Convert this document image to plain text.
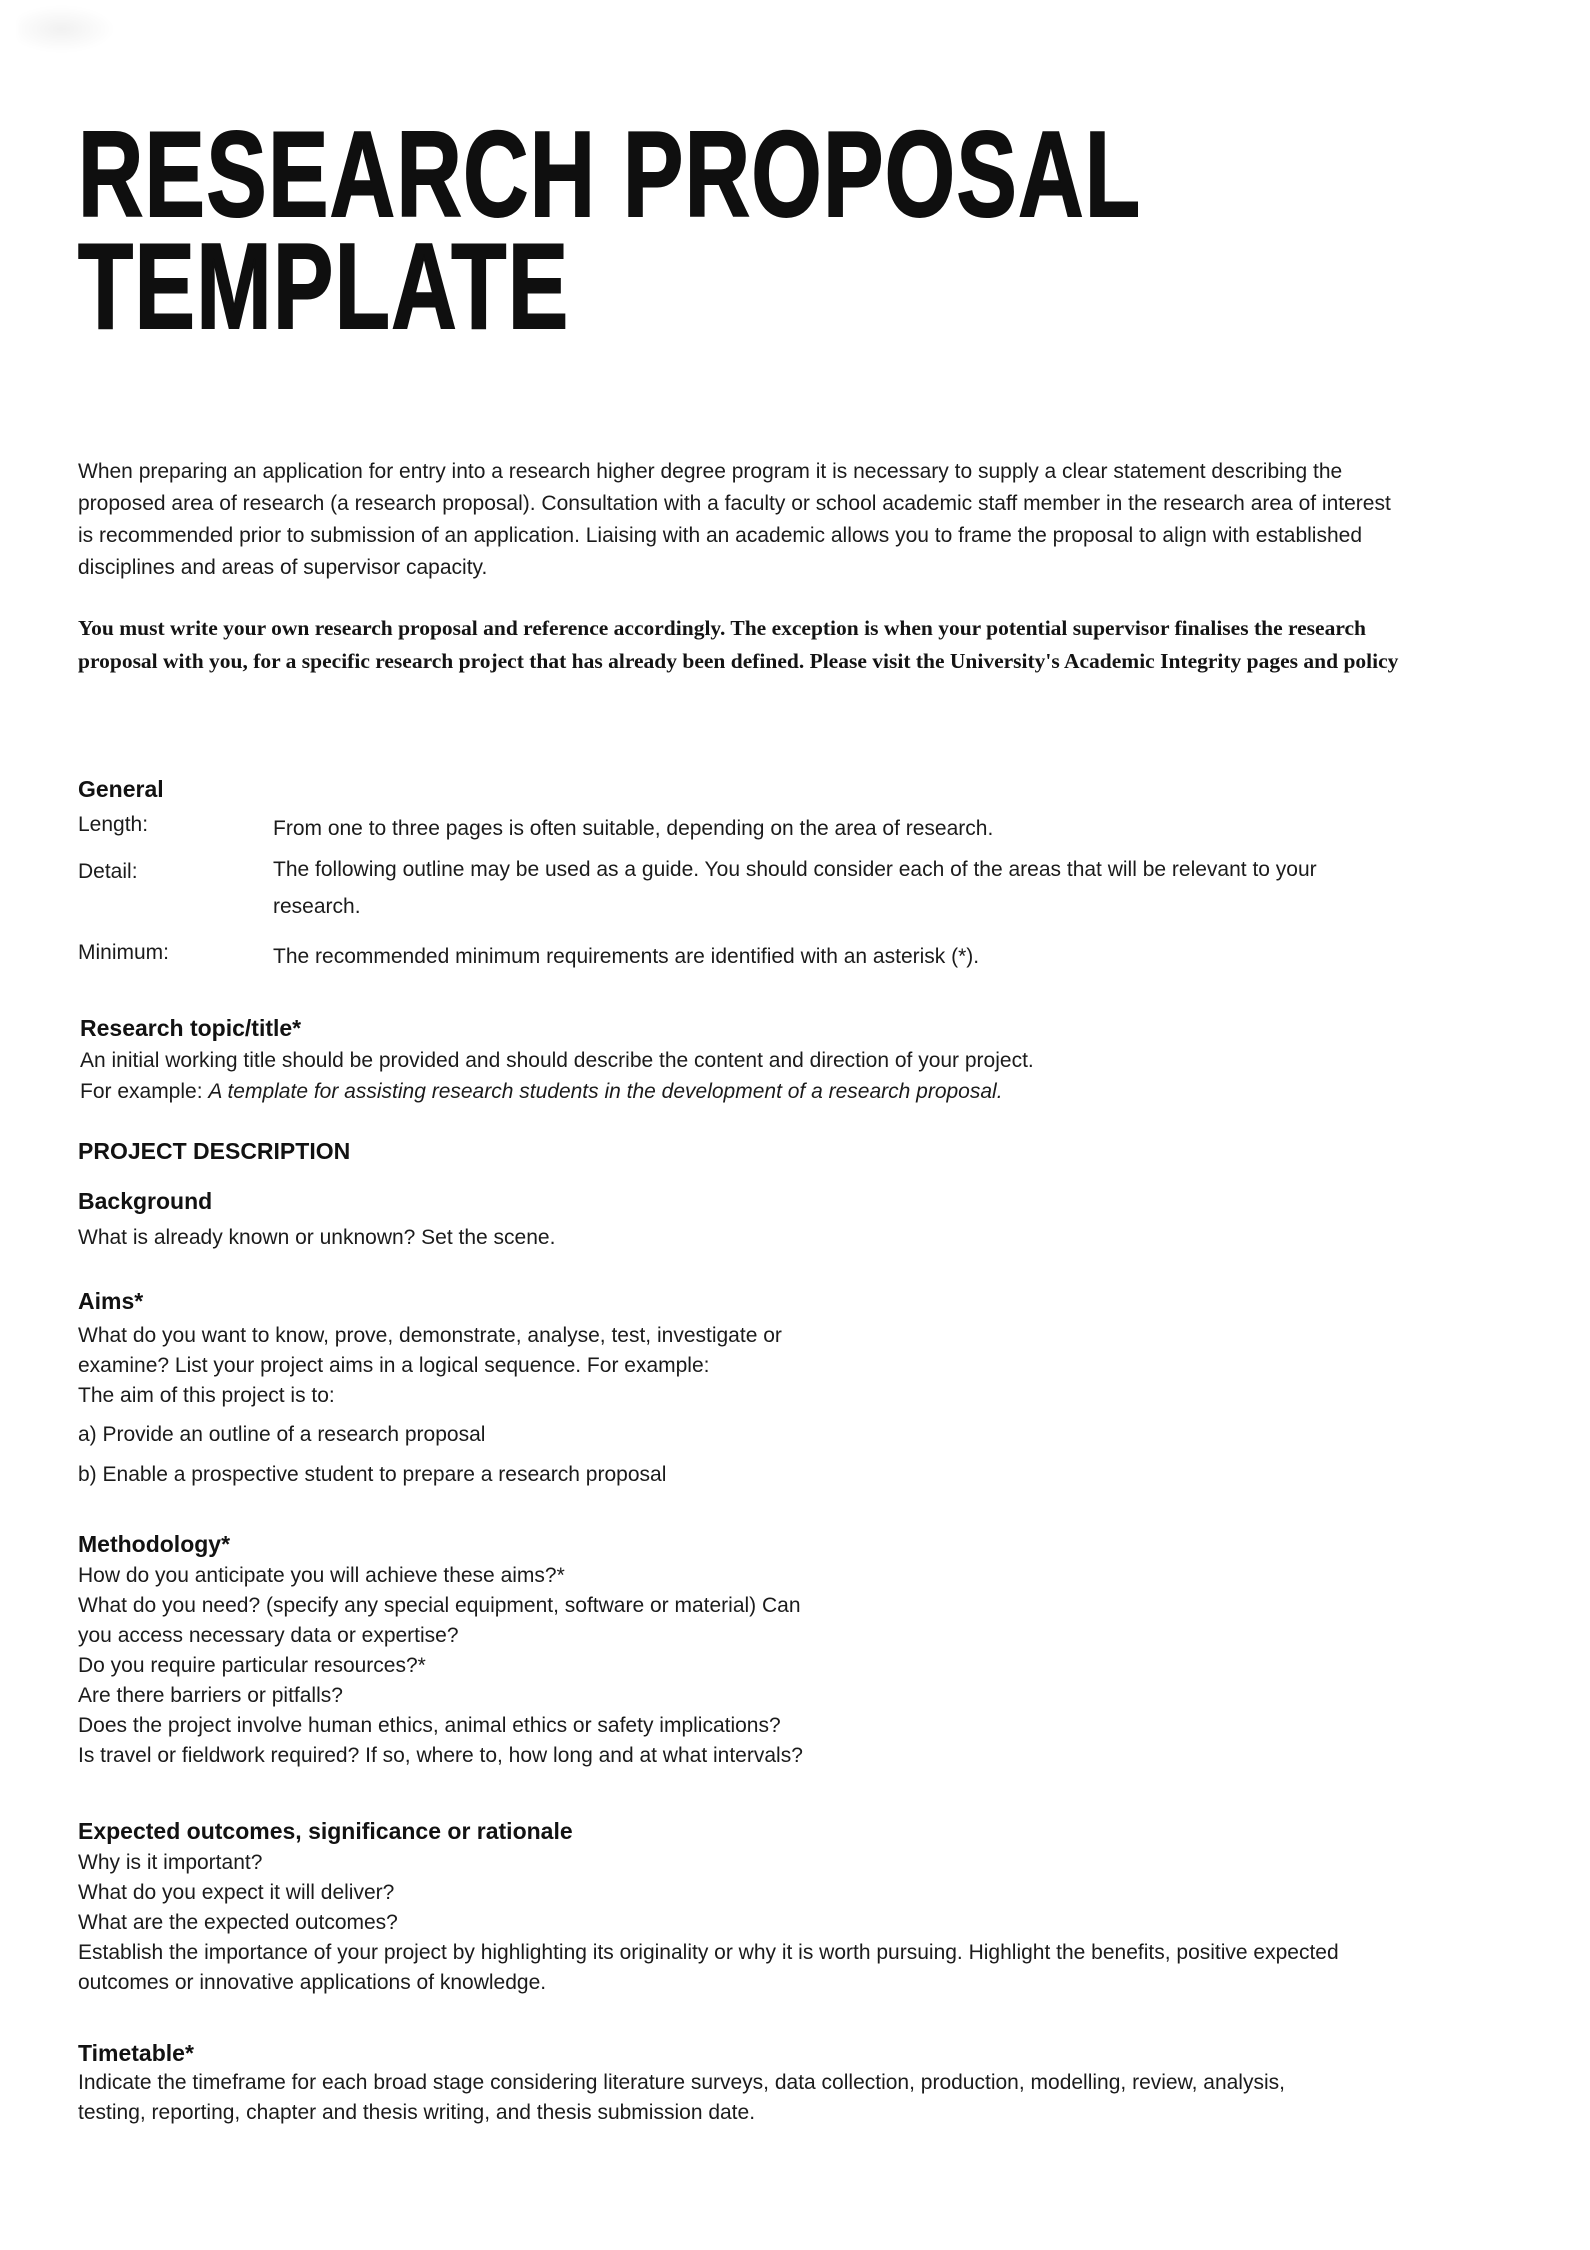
RESEARCH PROPOSAL
TEMPLATE
When preparing an application for entry into a research higher degree program it is necessary to supply a clear statement describing the
proposed area of research (a research proposal). Consultation with a faculty or school academic staff member in the research area of interest
is recommended prior to submission of an application. Liaising with an academic allows you to frame the proposal to align with established
disciplines and areas of supervisor capacity.
You must write your own research proposal and reference accordingly. The exception is when your potential supervisor finalises the research
proposal with you, for a specific research project that has already been defined. Please visit the University's Academic Integrity pages and policy
General
Length:	From one to three pages is often suitable, depending on the area of research.
Detail:	The following outline may be used as a guide. You should consider each of the areas that will be relevant to your
research.
Minimum:	The recommended minimum requirements are identified with an asterisk (*).
Research topic/title*
An initial working title should be provided and should describe the content and direction of your project.
For example: A template for assisting research students in the development of a research proposal.
PROJECT DESCRIPTION
Background
What is already known or unknown? Set the scene.
Aims*
What do you want to know, prove, demonstrate, analyse, test, investigate or
examine? List your project aims in a logical sequence. For example:
The aim of this project is to:
a) Provide an outline of a research proposal
b) Enable a prospective student to prepare a research proposal
Methodology*
How do you anticipate you will achieve these aims?*
What do you need? (specify any special equipment, software or material) Can
you access necessary data or expertise?
Do you require particular resources?*
Are there barriers or pitfalls?
Does the project involve human ethics, animal ethics or safety implications?
Is travel or fieldwork required? If so, where to, how long and at what intervals?
Expected outcomes, significance or rationale
Why is it important?
What do you expect it will deliver?
What are the expected outcomes?
Establish the importance of your project by highlighting its originality or why it is worth pursuing. Highlight the benefits, positive expected
outcomes or innovative applications of knowledge.
Timetable*
Indicate the timeframe for each broad stage considering literature surveys, data collection, production, modelling, review, analysis,
testing, reporting, chapter and thesis writing, and thesis submission date.
